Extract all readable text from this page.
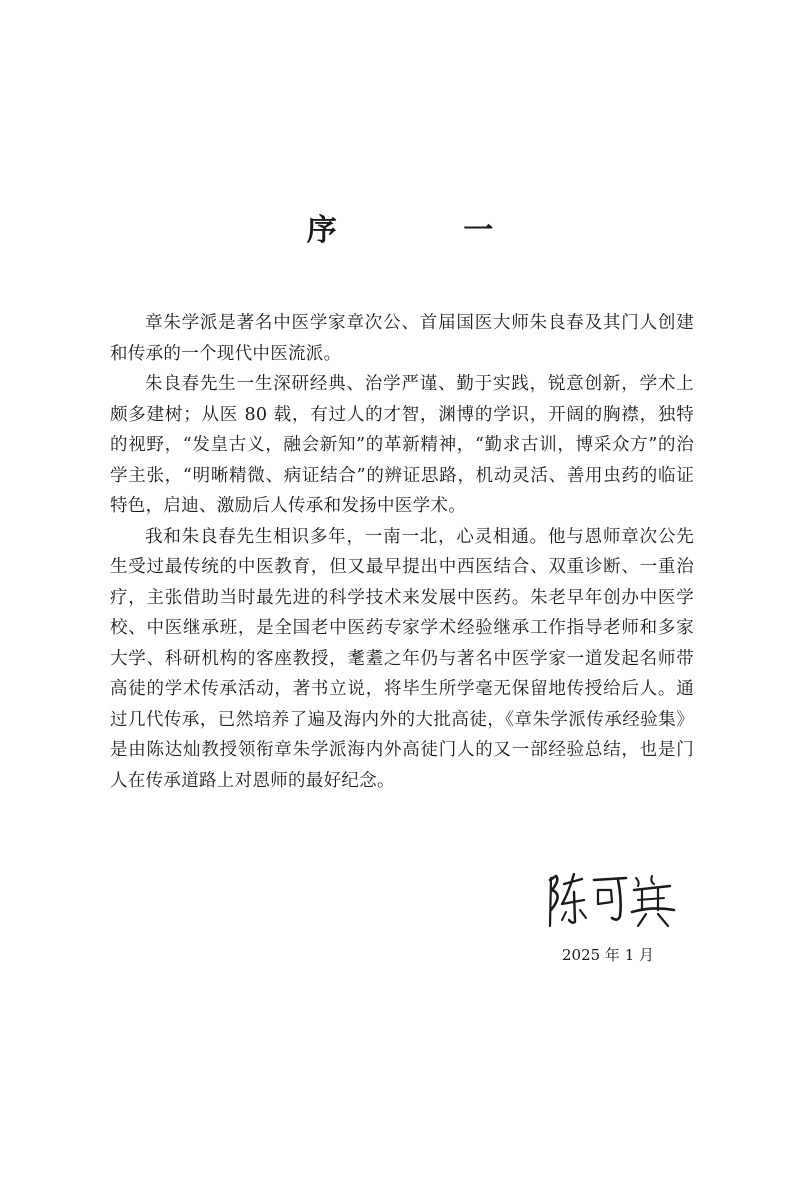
序 一

章朱学派是著名中医学家章次公、首届国医大师朱良春及其门人创建和传承的一个现代中医流派。

朱良春先生一生深研经典、治学严谨、勤于实践，锐意创新，学术上颇多建树；从医 80 载，有过人的才智，渊博的学识，开阔的胸襟，独特的视野，“发皇古义，融会新知”的革新精神，“勤求古训，博采众方”的治学主张，“明晰精微、病证结合”的辨证思路，机动灵活、善用虫药的临证特色，启迪、激励后人传承和发扬中医学术。

我和朱良春先生相识多年，一南一北，心灵相通。他与恩师章次公先生受过最传统的中医教育，但又最早提出中西医结合、双重诊断、一重治疗，主张借助当时最先进的科学技术来发展中医药。朱老早年创办中医学校、中医继承班，是全国老中医药专家学术经验继承工作指导老师和多家大学、科研机构的客座教授，耄耋之年仍与著名中医学家一道发起名师带高徒的学术传承活动，著书立说，将毕生所学毫无保留地传授给后人。通过几代传承，已然培养了遍及海内外的大批高徒，《章朱学派传承经验集》是由陈达灿教授领衔章朱学派海内外高徒门人的又一部经验总结，也是门人在传承道路上对恩师的最好纪念。

2025 年 1 月
